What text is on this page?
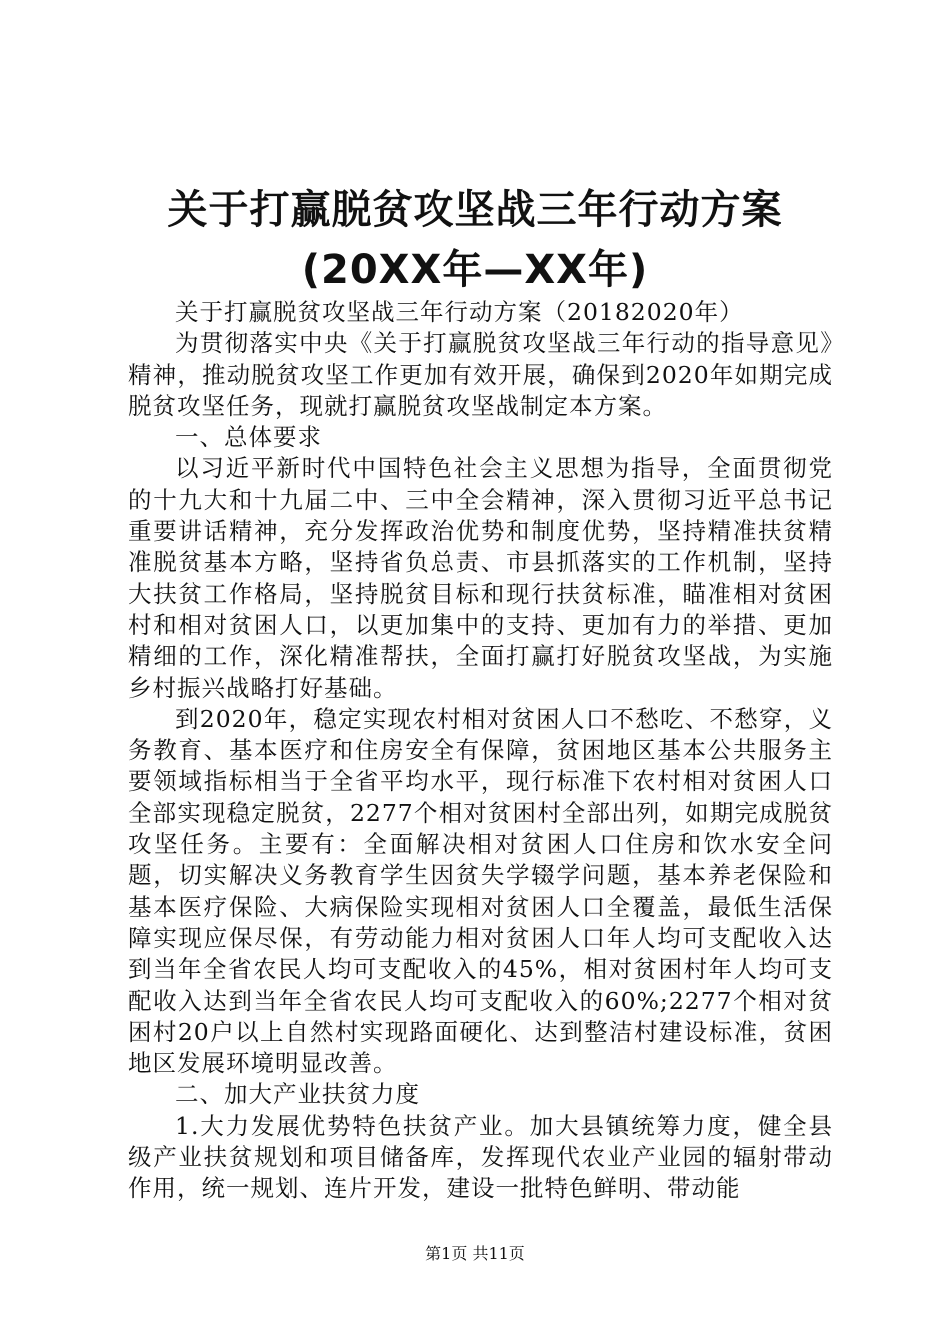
关于打赢脱贫攻坚战三年行动方案(20XX年—XX年)

关于打赢脱贫攻坚战三年行动方案（20182020年）

为贯彻落实中央《关于打赢脱贫攻坚战三年行动的指导意见》精神，推动脱贫攻坚工作更加有效开展，确保到2020年如期完成脱贫攻坚任务，现就打赢脱贫攻坚战制定本方案。

一、总体要求

以习近平新时代中国特色社会主义思想为指导，全面贯彻党的十九大和十九届二中、三中全会精神，深入贯彻习近平总书记重要讲话精神，充分发挥政治优势和制度优势，坚持精准扶贫精准脱贫基本方略，坚持省负总责、市县抓落实的工作机制，坚持大扶贫工作格局，坚持脱贫目标和现行扶贫标准，瞄准相对贫困村和相对贫困人口，以更加集中的支持、更加有力的举措、更加精细的工作，深化精准帮扶，全面打赢打好脱贫攻坚战，为实施乡村振兴战略打好基础。

到2020年，稳定实现农村相对贫困人口不愁吃、不愁穿，义务教育、基本医疗和住房安全有保障，贫困地区基本公共服务主要领域指标相当于全省平均水平，现行标准下农村相对贫困人口全部实现稳定脱贫，2277个相对贫困村全部出列，如期完成脱贫攻坚任务。主要有：全面解决相对贫困人口住房和饮水安全问题，切实解决义务教育学生因贫失学辍学问题，基本养老保险和基本医疗保险、大病保险实现相对贫困人口全覆盖，最低生活保障实现应保尽保，有劳动能力相对贫困人口年人均可支配收入达到当年全省农民人均可支配收入的45%，相对贫困村年人均可支配收入达到当年全省农民人均可支配收入的60%;2277个相对贫困村20户以上自然村实现路面硬化、达到整洁村建设标准，贫困地区发展环境明显改善。

二、加大产业扶贫力度

1.大力发展优势特色扶贫产业。加大县镇统筹力度，健全县级产业扶贫规划和项目储备库，发挥现代农业产业园的辐射带动作用，统一规划、连片开发，建设一批特色鲜明、带动能

第1页 共11页
